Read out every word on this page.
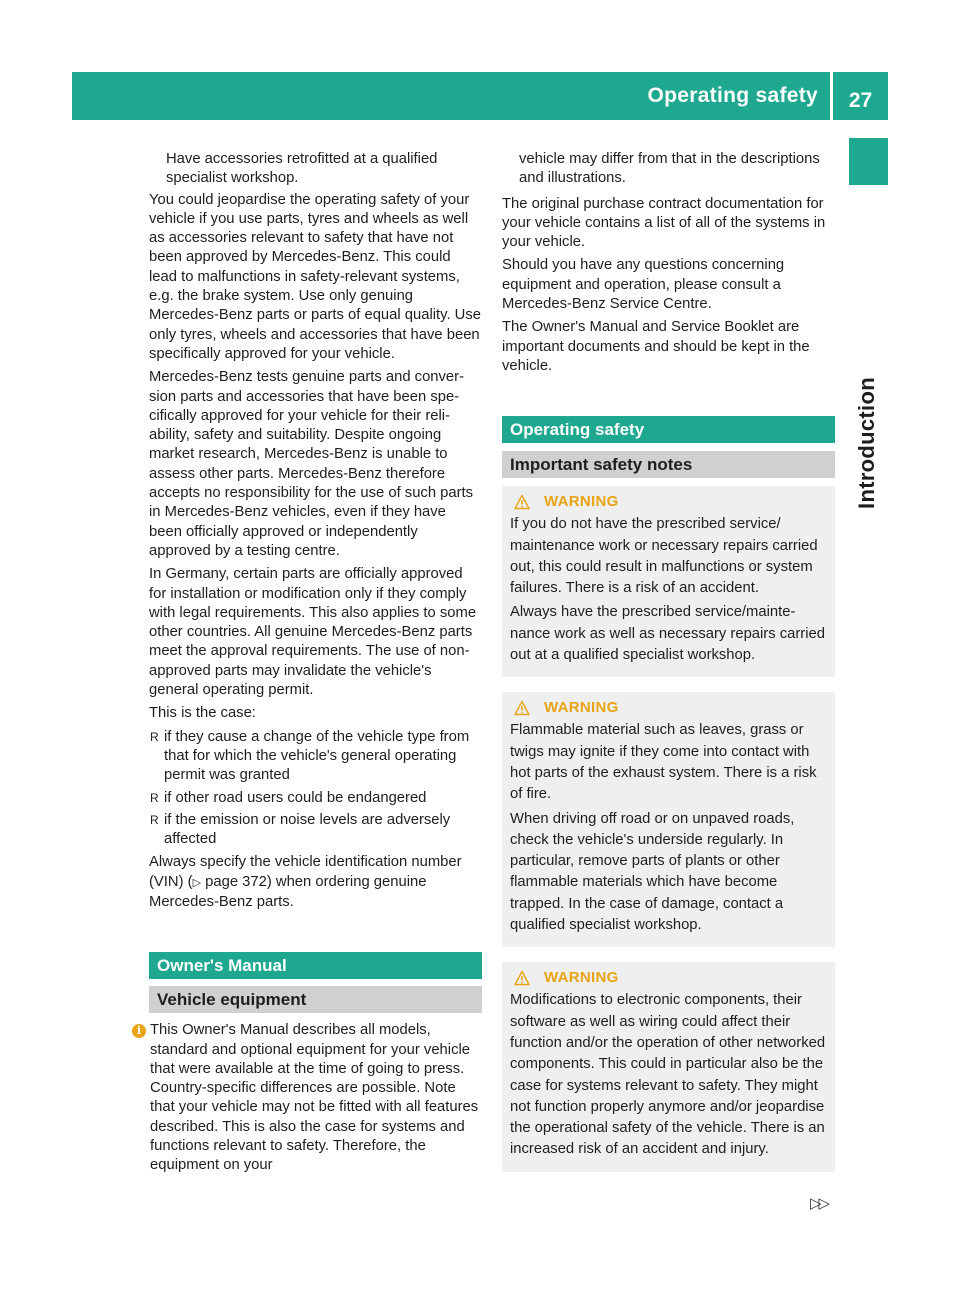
Operating safety	27
Introduction

Have accessories retrofitted at a qualified specialist workshop.

You could jeopardise the operating safety of your vehicle if you use parts, tyres and wheels as well as accessories relevant to safety that have not been approved by Mercedes-Benz. This could lead to malfunctions in safety-relevant systems, e.g. the brake system. Use only genuing Mercedes-Benz parts or parts of equal quality. Use only tyres, wheels and accessories that have been specifically approved for your vehicle.

Mercedes-Benz tests genuine parts and conversion parts and accessories that have been specifically approved for your vehicle for their reliability, safety and suitability. Despite ongoing market research, Mercedes-Benz is unable to assess other parts. Mercedes-Benz therefore accepts no responsibility for the use of such parts in Mercedes-Benz vehicles, even if they have been officially approved or independently approved by a testing centre.

In Germany, certain parts are officially approved for installation or modification only if they comply with legal requirements. This also applies to some other countries. All genuine Mercedes-Benz parts meet the approval requirements. The use of non-approved parts may invalidate the vehicle's general operating permit.

This is the case:

R if they cause a change of the vehicle type from that for which the vehicle's general operating permit was granted
R if other road users could be endangered
R if the emission or noise levels are adversely affected

Always specify the vehicle identification number (VIN) (▷ page 372) when ordering genuine Mercedes-Benz parts.

Owner's Manual
Vehicle equipment
i This Owner's Manual describes all models, standard and optional equipment for your vehicle that were available at the time of going to press. Country-specific differences are possible. Note that your vehicle may not be fitted with all features described. This is also the case for systems and functions relevant to safety. Therefore, the equipment on your

vehicle may differ from that in the descriptions and illustrations.

The original purchase contract documentation for your vehicle contains a list of all of the systems in your vehicle.

Should you have any questions concerning equipment and operation, please consult a Mercedes-Benz Service Centre.

The Owner's Manual and Service Booklet are important documents and should be kept in the vehicle.

Operating safety
Important safety notes
WARNING

If you do not have the prescribed service/ maintenance work or necessary repairs carried out, this could result in malfunctions or system failures. There is a risk of an accident.

Always have the prescribed service/maintenance work as well as necessary repairs carried out at a qualified specialist workshop.

WARNING

Flammable material such as leaves, grass or twigs may ignite if they come into contact with hot parts of the exhaust system. There is a risk of fire.

When driving off road or on unpaved roads, check the vehicle's underside regularly. In particular, remove parts of plants or other flammable materials which have become trapped. In the case of damage, contact a qualified specialist workshop.

WARNING

Modifications to electronic components, their software as well as wiring could affect their function and/or the operation of other networked components. This could in particular also be the case for systems relevant to safety. They might not function properly anymore and/or jeopardise the operational safety of the vehicle. There is an increased risk of an accident and injury.

▷▷
